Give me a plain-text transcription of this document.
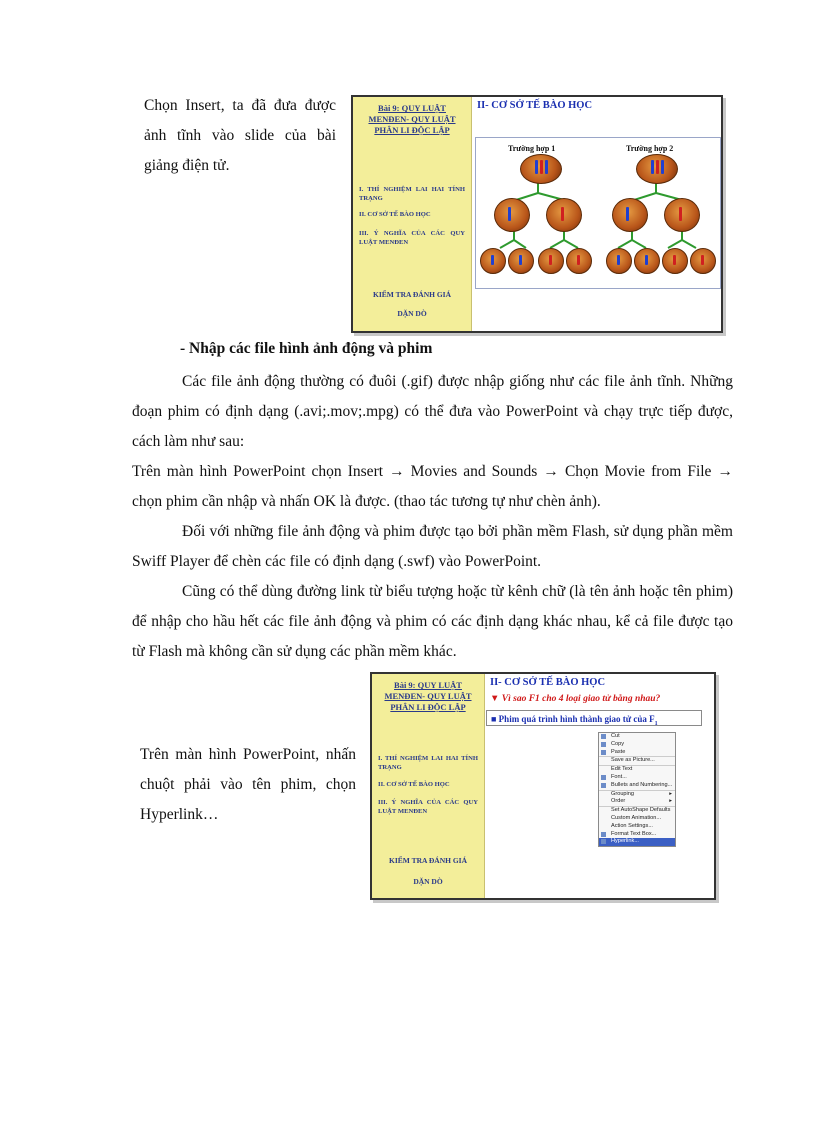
Chọn Insert, ta đã đưa được ảnh tĩnh vào slide của bài giảng điện tử.
Bài 9: QUY LUẬT MENĐEN- QUY LUẬT PHÂN LI ĐỘC LẬP
I. THÍ NGHIỆM LAI HAI TÍNH TRẠNG
II. CƠ SỞ TẾ BÀO HỌC
III. Ý NGHĨA CỦA CÁC QUY LUẬT MENĐEN
KIỂM TRA ĐÁNH GIÁ
DẶN DÒ
II- CƠ SỞ TẾ BÀO HỌC
Trường hợp 1	Trường hợp 2
- Nhập các file hình ảnh động và phim
Các file ảnh động thường có đuôi (.gif) được nhập giống như các file ảnh tĩnh. Những đoạn phim có định dạng (.avi;.mov;.mpg) có thể đưa vào PowerPoint và chạy trực tiếp được, cách làm như sau:
Trên màn hình PowerPoint chọn Insert → Movies and Sounds → Chọn Movie from File → chọn phim cần nhập và nhấn OK là được. (thao tác tương tự như chèn ảnh).
Đối với những file ảnh động và phim được tạo bởi phần mềm Flash, sử dụng phần mềm Swiff Player để chèn các file có định dạng (.swf) vào PowerPoint.
Cũng có thể dùng đường link từ biểu tượng hoặc từ kênh chữ (là tên ảnh hoặc tên phim) để nhập cho hầu hết các file ảnh động và phim có các định dạng khác nhau, kể cả file được tạo từ Flash mà không cần sử dụng các phần mềm khác.
Trên màn hình PowerPoint, nhấn chuột phải vào tên phim, chọn Hyperlink…
Bài 9: QUY LUẬT MENĐEN- QUY LUẬT PHÂN LI ĐỘC LẬP
I. THÍ NGHIỆM LAI HAI TÍNH TRẠNG
II. CƠ SỞ TẾ BÀO HỌC
III. Ý NGHĨA CỦA CÁC QUY LUẬT MENĐEN
KIỂM TRA ĐÁNH GIÁ
DẶN DÒ
II- CƠ SỞ TẾ BÀO HỌC
▼ Vì sao F1 cho 4 loại giao tử bằng nhau?
■ Phim quá trình hình thành giao tử của $F_1$
Cut
Copy
Paste
Save as Picture...
Edit Text
Font...
Bullets and Numbering...
Grouping	▸
Order	▸
Set AutoShape Defaults
Custom Animation...
Action Settings...
Format Text Box...
Hyperlink...
